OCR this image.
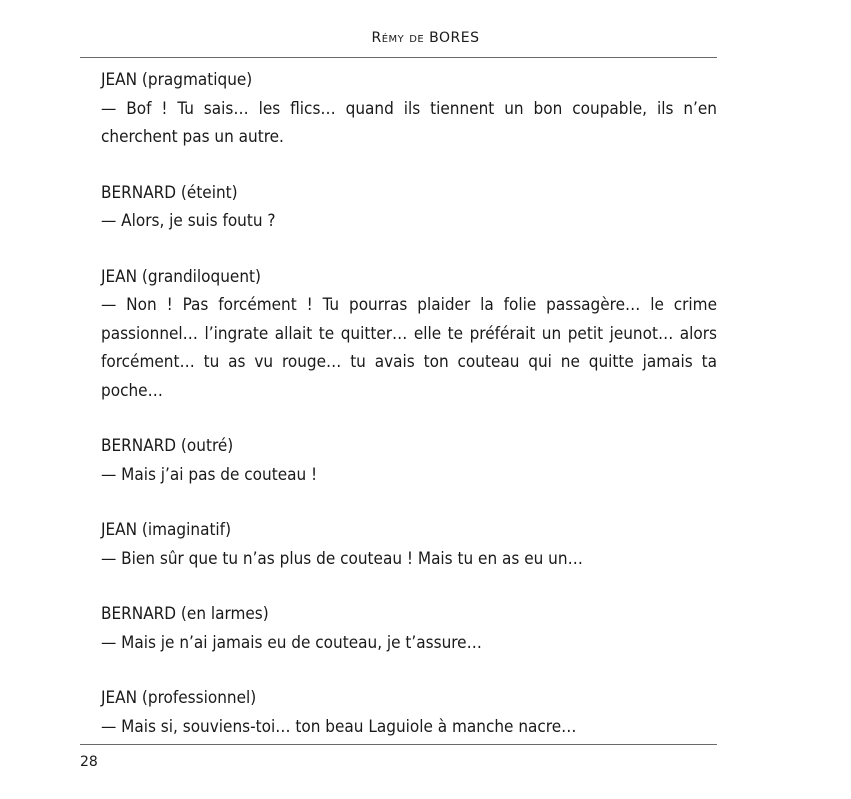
Rémy de BORES
JEAN (pragmatique)
— Bof ! Tu sais… les flics… quand ils tiennent un bon coupable, ils n’en cherchent pas un autre.
BERNARD (éteint)
— Alors, je suis foutu ?
JEAN (grandiloquent)
— Non ! Pas forcément ! Tu pourras plaider la folie passagère… le crime passionnel… l’ingrate allait te quitter… elle te préférait un petit jeunot… alors forcément… tu as vu rouge… tu avais ton couteau qui ne quitte jamais ta poche…
BERNARD (outré)
— Mais j’ai pas de couteau !
JEAN (imaginatif)
— Bien sûr que tu n’as plus de couteau ! Mais tu en as eu un…
BERNARD (en larmes)
— Mais je n’ai jamais eu de couteau, je t’assure…
JEAN (professionnel)
— Mais si, souviens-toi… ton beau Laguiole à manche nacre…
28
